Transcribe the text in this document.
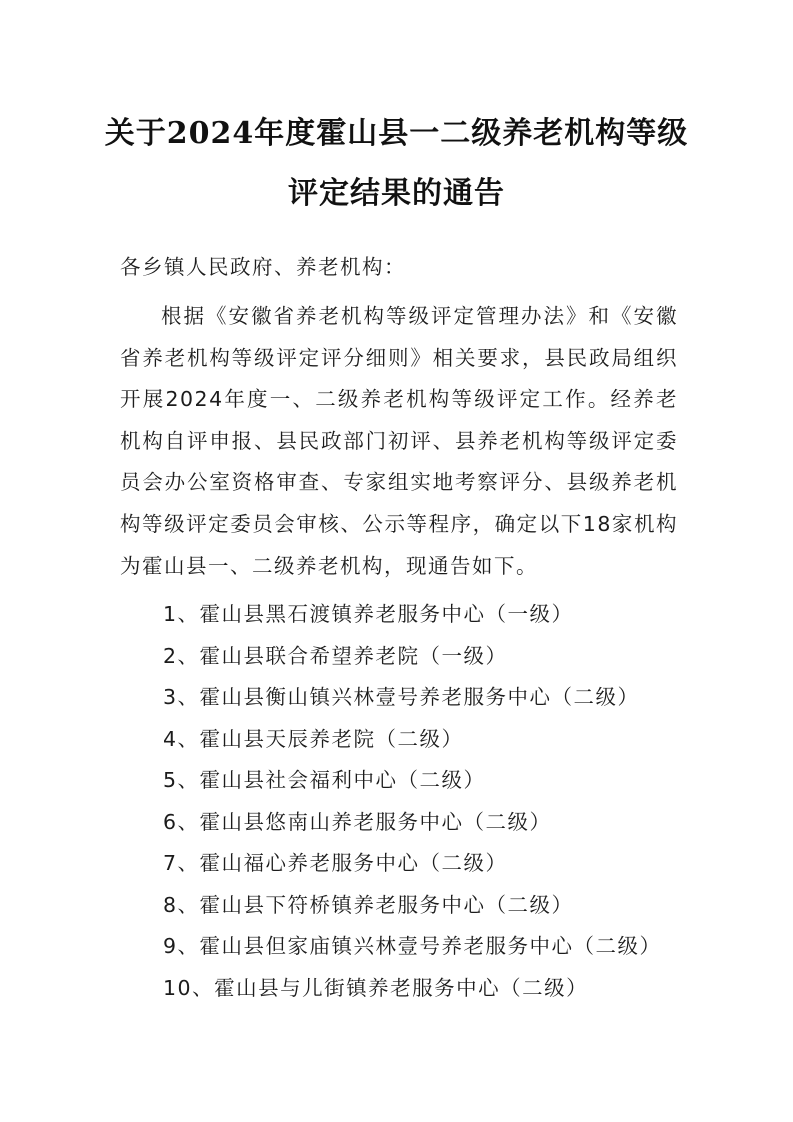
关于2024年度霍山县一二级养老机构等级
评定结果的通告
各乡镇人民政府、养老机构：

根据《安徽省养老机构等级评定管理办法》和《安徽省养老机构等级评定评分细则》相关要求，县民政局组织开展2024年度一、二级养老机构等级评定工作。经养老机构自评申报、县民政部门初评、县养老机构等级评定委员会办公室资格审查、专家组实地考察评分、县级养老机构等级评定委员会审核、公示等程序，确定以下18家机构为霍山县一、二级养老机构，现通告如下。

1、霍山县黑石渡镇养老服务中心（一级）
2、霍山县联合希望养老院（一级）
3、霍山县衡山镇兴林壹号养老服务中心（二级）
4、霍山县天辰养老院（二级）
5、霍山县社会福利中心（二级）
6、霍山县悠南山养老服务中心（二级）
7、霍山福心养老服务中心（二级）
8、霍山县下符桥镇养老服务中心（二级）
9、霍山县但家庙镇兴林壹号养老服务中心（二级）
10、霍山县与儿街镇养老服务中心（二级）
